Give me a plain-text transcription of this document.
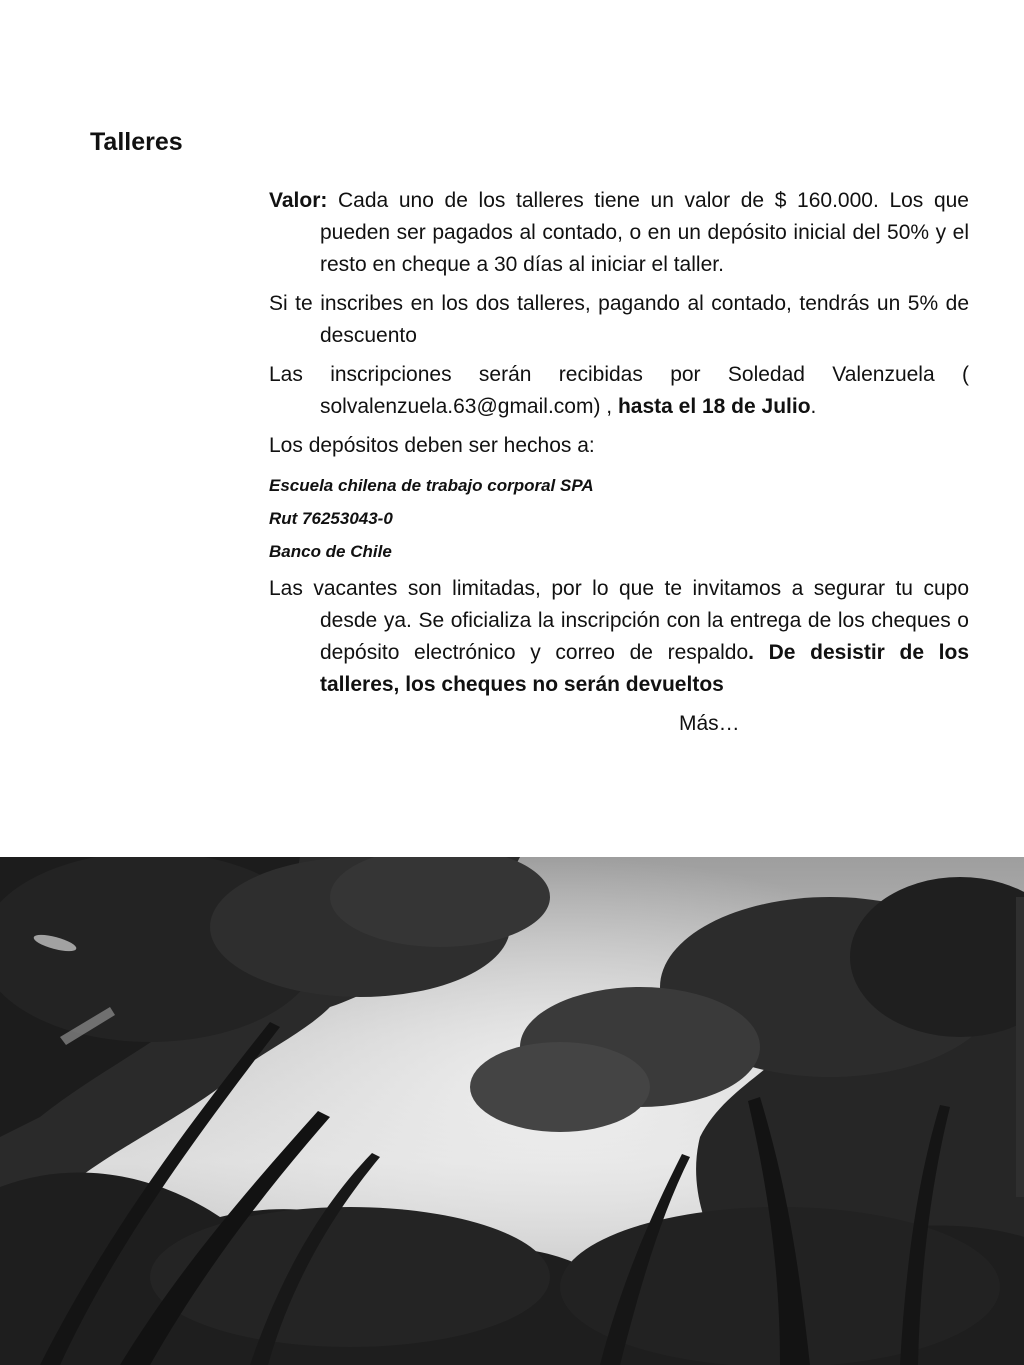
Talleres

Valor: Cada uno de los talleres tiene un valor de $ 160.000. Los que pueden ser pagados al contado, o en un depósito inicial del 50% y el resto en cheque a 30 días al iniciar el taller.

Si te inscribes en los dos talleres, pagando al contado, tendrás un 5% de descuento

Las inscripciones serán recibidas por Soledad Valenzuela ( solvalenzuela.63@gmail.com) , hasta el 18 de Julio.

Los depósitos deben ser hechos a:

Escuela chilena de trabajo corporal SPA

Rut 76253043-0

Banco de Chile

Las vacantes son limitadas, por lo que te invitamos a segurar tu cupo desde ya. Se oficializa la inscripción con la entrega de los cheques o depósito electrónico y correo de respaldo. De desistir de los talleres, los cheques no serán devueltos

Más…
